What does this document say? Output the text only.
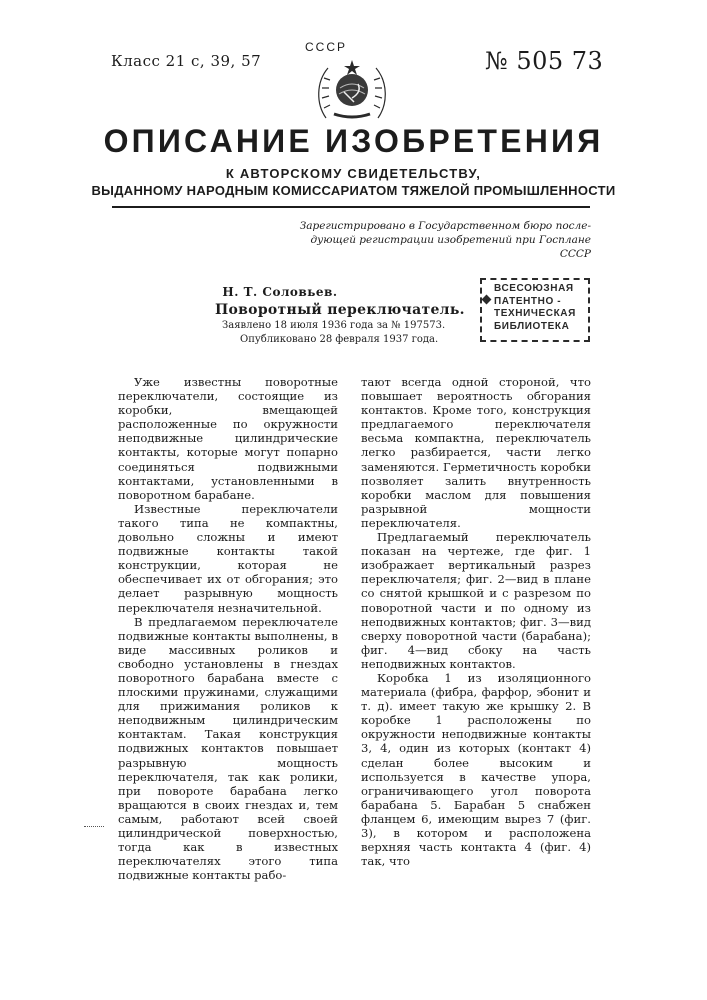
Класс 21 с, 39, 57
СССР	№ 505 73
ОПИСАНИЕ ИЗОБРЕТЕНИЯ
К АВТОРСКОМУ СВИДЕТЕЛЬСТВУ,
ВЫДАННОМУ НАРОДНЫМ КОМИССАРИАТОМ ТЯЖЕЛОЙ ПРОМЫШЛЕННОСТИ
Зарегистрировано в Государственном бюро после-
дующей регистрации изобретений при Госплане СССР
Н. Т. Соловьев.
Поворотный переключатель.
Заявлено 18 июля 1936 года за № 197573.
Опубликовано 28 февраля 1937 года.
ВСЕСОЮЗНАЯ
ПАТЕНТНО -
ТЕХНИЧЕСКАЯ
БИБЛИОТЕКА

Уже известны поворотные переключатели, состоящие из коробки, вмещающей расположенные по окружности неподвижные цилиндрические контакты, которые могут попарно соединяться подвижными контактами, установленными в поворотном барабане.

Известные переключатели такого типа не компактны, довольно сложны и имеют подвижные контакты такой конструкции, которая не обеспечивает их от обгорания; это делает разрывную мощность переключателя незначительной.

В предлагаемом переключателе подвижные контакты выполнены, в виде массивных роликов и свободно установлены в гнездах поворотного барабана вместе с плоскими пружинами, служащими для прижимания роликов к неподвижным цилиндрическим контактам. Такая конструкция подвижных контактов повышает разрывную мощность переключателя, так как ролики, при повороте барабана легко вращаются в своих гнездах и, тем самым, работают всей своей цилиндрической поверхностью, тогда как в известных переключателях этого типа подвижные контакты рабо-

тают всегда одной стороной, что повышает вероятность обгорания контактов. Кроме того, конструкция предлагаемого переключателя весьма компактна, переключатель легко разбирается, части легко заменяются. Герметичность коробки позволяет залить внутренность коробки маслом для повышения разрывной мощности переключателя.

Предлагаемый переключатель показан на чертеже, где фиг. 1 изображает вертикальный разрез переключателя; фиг. 2—вид в плане со снятой крышкой и с разрезом по поворотной части и по одному из неподвижных контактов; фиг. 3—вид сверху поворотной части (барабана); фиг. 4—вид сбоку на часть неподвижных контактов.

Коробка 1 из изоляционного материала (фибра, фарфор, эбонит и т. д). имеет такую же крышку 2. В коробке 1 расположены по окружности неподвижные контакты 3, 4, один из которых (контакт 4) сделан более высоким и используется в качестве упора, ограничивающего угол поворота барабана 5. Барабан 5 снабжен фланцем 6, имеющим вырез 7 (фиг. 3), в котором и расположена верхняя часть контакта 4 (фиг. 4) так, что
